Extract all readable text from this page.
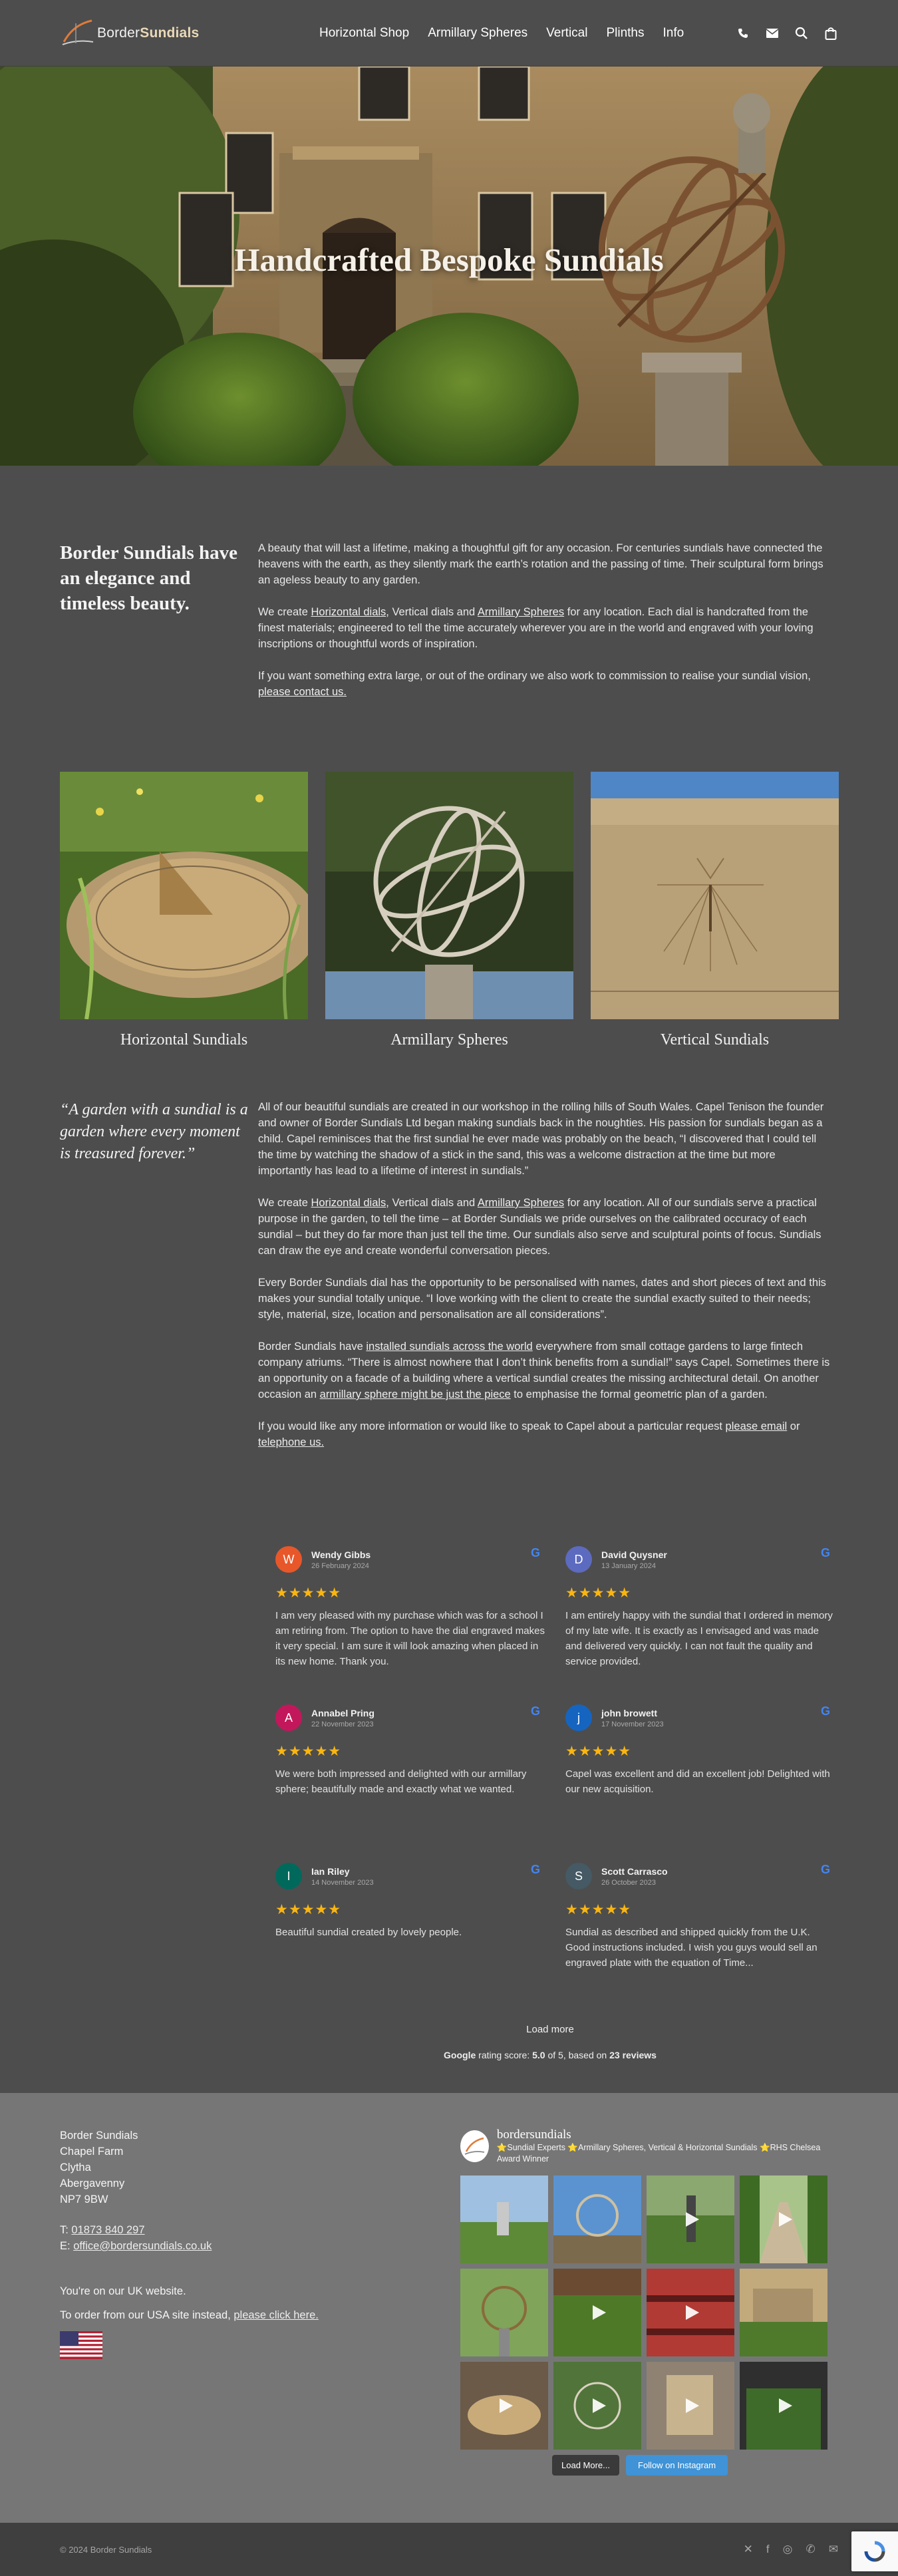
BorderSundials	Horizontal Shop Armillary Spheres Vertical Plinths Info
Handcrafted Bespoke Sundials
Border Sundials have an elegance and timeless beauty.

A beauty that will last a lifetime, making a thoughtful gift for any occasion. For centuries sundials have connected the heavens with the earth, as they silently mark the earth’s rotation and the passing of time. Their sculptural form brings an ageless beauty to any garden.

We create Horizontal dials, Vertical dials and Armillary Spheres for any location. Each dial is handcrafted from the finest materials; engineered to tell the time accurately wherever you are in the world and engraved with your loving inscriptions or thoughtful words of inspiration.

If you want something extra large, or out of the ordinary we also work to commission to realise your sundial vision, please contact us.

Horizontal Sundials	Armillary Spheres	Vertical Sundials
“A garden with a sundial is a garden where every moment is treasured forever.”

All of our beautiful sundials are created in our workshop in the rolling hills of South Wales. Capel Tenison the founder and owner of Border Sundials Ltd began making sundials back in the noughties. His passion for sundials began as a child. Capel reminisces that the first sundial he ever made was probably on the beach, “I discovered that I could tell the time by watching the shadow of a stick in the sand, this was a welcome distraction at the time but more importantly has lead to a lifetime of interest in sundials.”

We create Horizontal dials, Vertical dials and Armillary Spheres for any location. All of our sundials serve a practical purpose in the garden, to tell the time – at Border Sundials we pride ourselves on the calibrated occuracy of each sundial – but they do far more than just tell the time. Our sundials also serve and sculptural points of focus. Sundials can draw the eye and create wonderful conversation pieces.

Every Border Sundials dial has the opportunity to be personalised with names, dates and short pieces of text and this makes your sundial totally unique. “I love working with the client to create the sundial exactly suited to their needs; style, material, size, location and personalisation are all considerations”.

Border Sundials have installed sundials across the world everywhere from small cottage gardens to large fintech company atriums. “There is almost nowhere that I don’t think benefits from a sundial!” says Capel. Sometimes there is an opportunity on a facade of a building where a vertical sundial creates the missing architectural detail. On another occasion an armillary sphere might be just the piece to emphasise the formal geometric plan of a garden.

If you would like any more information or would like to speak to Capel about a particular request please email or telephone us.

W	Wendy Gibbs
26 February 2024
G
★★★★★
I am very pleased with my purchase which was for a school I am retiring from. The option to have the dial engraved makes it very special. I am sure it will look amazing when placed in its new home. Thank you.
D	David Quysner
13 January 2024
G
★★★★★
I am entirely happy with the sundial that I ordered in memory of my late wife. It is exactly as I envisaged and was made and delivered very quickly. I can not fault the quality and service provided.
A	Annabel Pring
22 November 2023
G
★★★★★
We were both impressed and delighted with our armillary sphere; beautifully made and exactly what we wanted.
j	john browett
17 November 2023
G
★★★★★
Capel was excellent and did an excellent job! Delighted with our new acquisition.
I	Ian Riley
14 November 2023
G
★★★★★
Beautiful sundial created by lovely people.
S	Scott Carrasco
26 October 2023
G
★★★★★
Sundial as described and shipped quickly from the U.K. Good instructions included. I wish you guys would sell an engraved plate with the equation of Time...
Load more
Google rating score: 5.0 of 5, based on 23 reviews
Border Sundials
Chapel Farm
Clytha
Abergavenny
NP7 9BW
T: 01873 840 297
E: office@bordersundials.co.uk
You're on our UK website.
To order from our USA site instead, please click here.
bordersundials
⭐Sundial Experts ⭐Armillary Spheres, Vertical & Horizontal Sundials ⭐RHS Chelsea Award Winner
Load More...	Follow on Instagram
© 2024 Border Sundials	✕ f ◎ ✆ ✉
